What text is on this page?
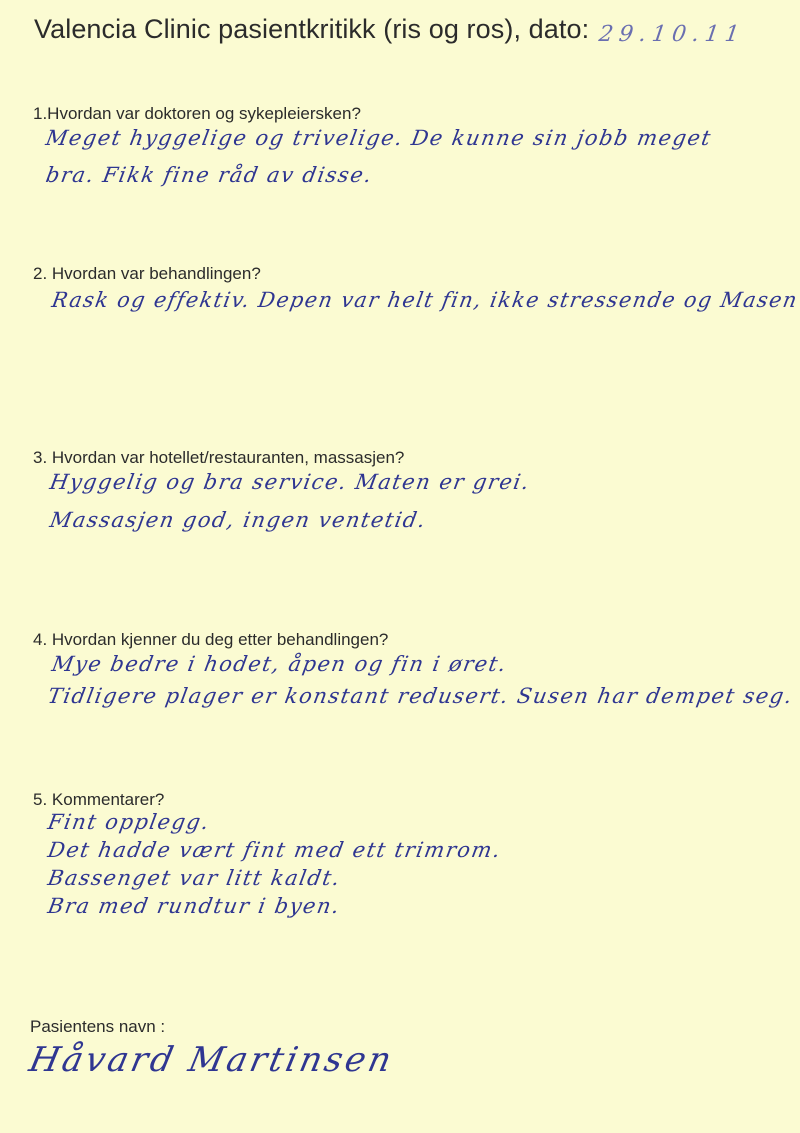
Valencia Clinic pasientkritikk (ris og ros), dato: 29.10.11
1.Hvordan var doktoren og sykepleiersken?
Meget hyggelige og trivelige. De kunne sin jobb meget
bra. Fikk fine råd av disse.
2. Hvordan var behandlingen?
Rask og effektiv. Depen var helt fin, ikke stressende og Masen
3. Hvordan var hotellet/restauranten, massasjen?
Hyggelig og bra service. Maten er grei.
Massasjen god, ingen ventetid.
4. Hvordan kjenner du deg etter behandlingen?
Mye bedre i hodet, åpen og fin i øret.
Tidligere plager er konstant redusert. Susen har dempet seg.
5. Kommentarer?
Fint opplegg.
Det hadde vært fint med ett trimrom.
Bassenget var litt kaldt.
Bra med rundtur i byen.
Pasientens navn :
Håvard Martinsen
